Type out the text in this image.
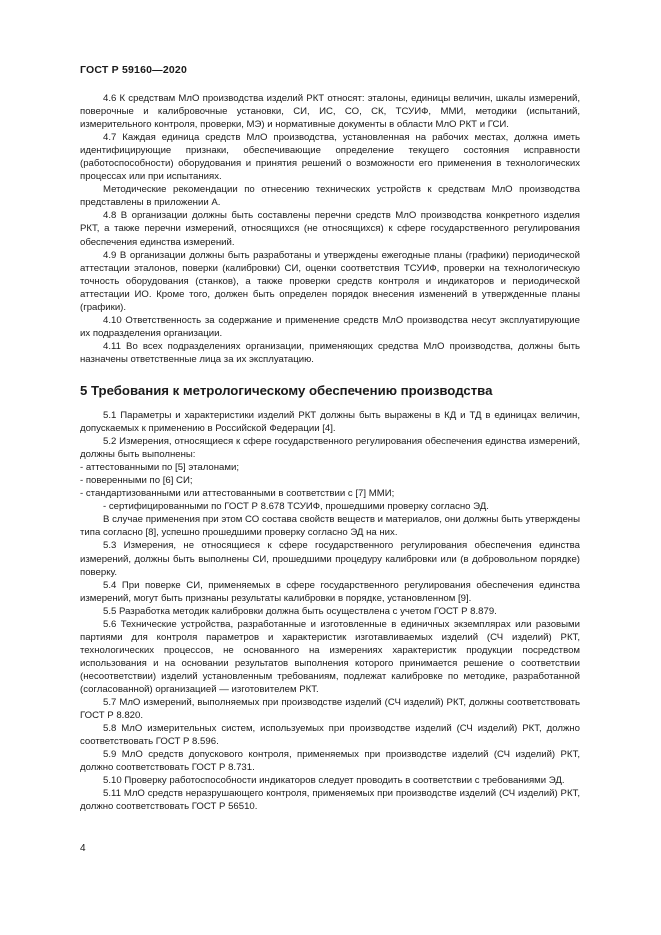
ГОСТ Р 59160—2020

4.6 К средствам МлО производства изделий РКТ относят: эталоны, единицы величин, шкалы измерений, поверочные и калибровочные установки, СИ, ИС, СО, СК, ТСУИФ, ММИ, методики (испытаний, измерительного контроля, проверки, МЭ) и нормативные документы в области МлО РКТ и ГСИ.

4.7 Каждая единица средств МлО производства, установленная на рабочих местах, должна иметь идентифицирующие признаки, обеспечивающие определение текущего состояния исправности (работоспособности) оборудования и принятия решений о возможности его применения в технологических процессах или при испытаниях.

Методические рекомендации по отнесению технических устройств к средствам МлО производства представлены в приложении А.

4.8 В организации должны быть составлены перечни средств МлО производства конкретного изделия РКТ, а также перечни измерений, относящихся (не относящихся) к сфере государственного регулирования обеспечения единства измерений.

4.9 В организации должны быть разработаны и утверждены ежегодные планы (графики) периодической аттестации эталонов, поверки (калибровки) СИ, оценки соответствия ТСУИФ, проверки на технологическую точность оборудования (станков), а также проверки средств контроля и индикаторов и периодической аттестации ИО. Кроме того, должен быть определен порядок внесения изменений в утвержденные планы (графики).

4.10 Ответственность за содержание и применение средств МлО производства несут эксплуатирующие их подразделения организации.

4.11 Во всех подразделениях организации, применяющих средства МлО производства, должны быть назначены ответственные лица за их эксплуатацию.

5 Требования к метрологическому обеспечению производства

5.1 Параметры и характеристики изделий РКТ должны быть выражены в КД и ТД в единицах величин, допускаемых к применению в Российской Федерации [4].

5.2 Измерения, относящиеся к сфере государственного регулирования обеспечения единства измерений, должны быть выполнены:

- аттестованными по [5] эталонами;

- поверенными по [6] СИ;

- стандартизованными или аттестованными в соответствии с [7] ММИ;

- сертифицированными по ГОСТ Р 8.678 ТСУИФ, прошедшими проверку согласно ЭД.

В случае применения при этом СО состава свойств веществ и материалов, они должны быть утверждены типа согласно [8], успешно прошедшими проверку согласно ЭД на них.

5.3 Измерения, не относящиеся к сфере государственного регулирования обеспечения единства измерений, должны быть выполнены СИ, прошедшими процедуру калибровки или (в добровольном порядке) поверку.

5.4 При поверке СИ, применяемых в сфере государственного регулирования обеспечения единства измерений, могут быть признаны результаты калибровки в порядке, установленном [9].

5.5 Разработка методик калибровки должна быть осуществлена с учетом ГОСТ Р 8.879.

5.6 Технические устройства, разработанные и изготовленные в единичных экземплярах или разовыми партиями для контроля параметров и характеристик изготавливаемых изделий (СЧ изделий) РКТ, технологических процессов, не основанного на измерениях характеристик продукции посредством использования и на основании результатов выполнения которого принимается решение о соответствии (несоответствии) изделий установленным требованиям, подлежат калибровке по методике, разработанной (согласованной) организацией — изготовителем РКТ.

5.7 МлО измерений, выполняемых при производстве изделий (СЧ изделий) РКТ, должны соответствовать ГОСТ Р 8.820.

5.8 МлО измерительных систем, используемых при производстве изделий (СЧ изделий) РКТ, должно соответствовать ГОСТ Р 8.596.

5.9 МлО средств допускового контроля, применяемых при производстве изделий (СЧ изделий) РКТ, должно соответствовать ГОСТ Р 8.731.

5.10 Проверку работоспособности индикаторов следует проводить в соответствии с требованиями ЭД.

5.11 МлО средств неразрушающего контроля, применяемых при производстве изделий (СЧ изделий) РКТ, должно соответствовать ГОСТ Р 56510.

4
